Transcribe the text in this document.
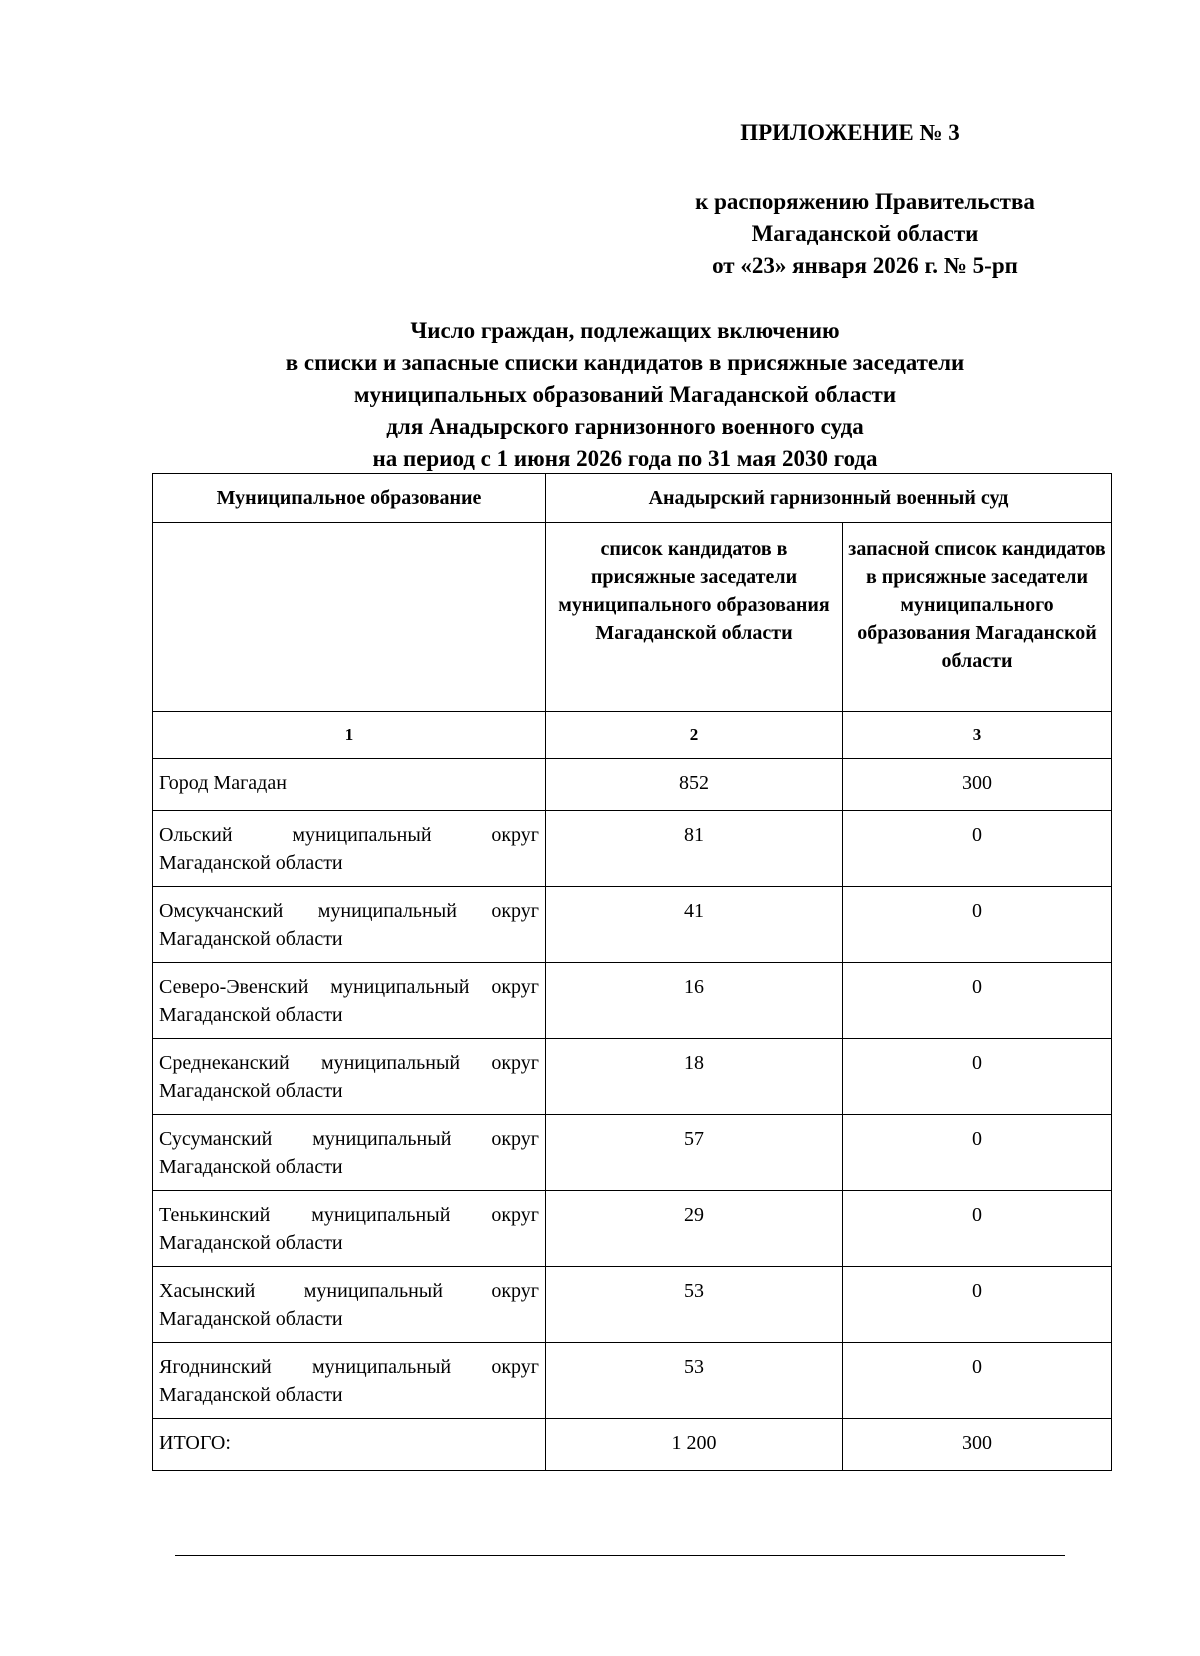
ПРИЛОЖЕНИЕ № 3
к распоряжению Правительства
Магаданской области
от «23» января 2026 г. № 5-рп
Число граждан, подлежащих включению
в списки и запасные списки кандидатов в присяжные заседатели
муниципальных образований Магаданской области
для Анадырского гарнизонного военного суда
на период с 1 июня 2026 года по 31 мая 2030 года
Муниципальное образование	Анадырский гарнизонный военный суд	

	список кандидатов в присяжные заседатели муниципального образования Магаданской области	запасной список кандидатов в присяжные заседатели муниципального образования Магаданской области

1	2	3
Город Магадан	852	300
Ольский муниципальный округ Магаданской области	81	0
Омсукчанский муниципальный округ Магаданской области	41	0
Северо-Эвенский муниципальный округ Магаданской области	16	0
Среднеканский муниципальный округ Магаданской области	18	0
Сусуманский муниципальный округ Магаданской области	57	0
Тенькинский муниципальный округ Магаданской области	29	0
Хасынский муниципальный округ Магаданской области	53	0
Ягоднинский муниципальный округ Магаданской области	53	0
ИТОГО:	1 200	300
